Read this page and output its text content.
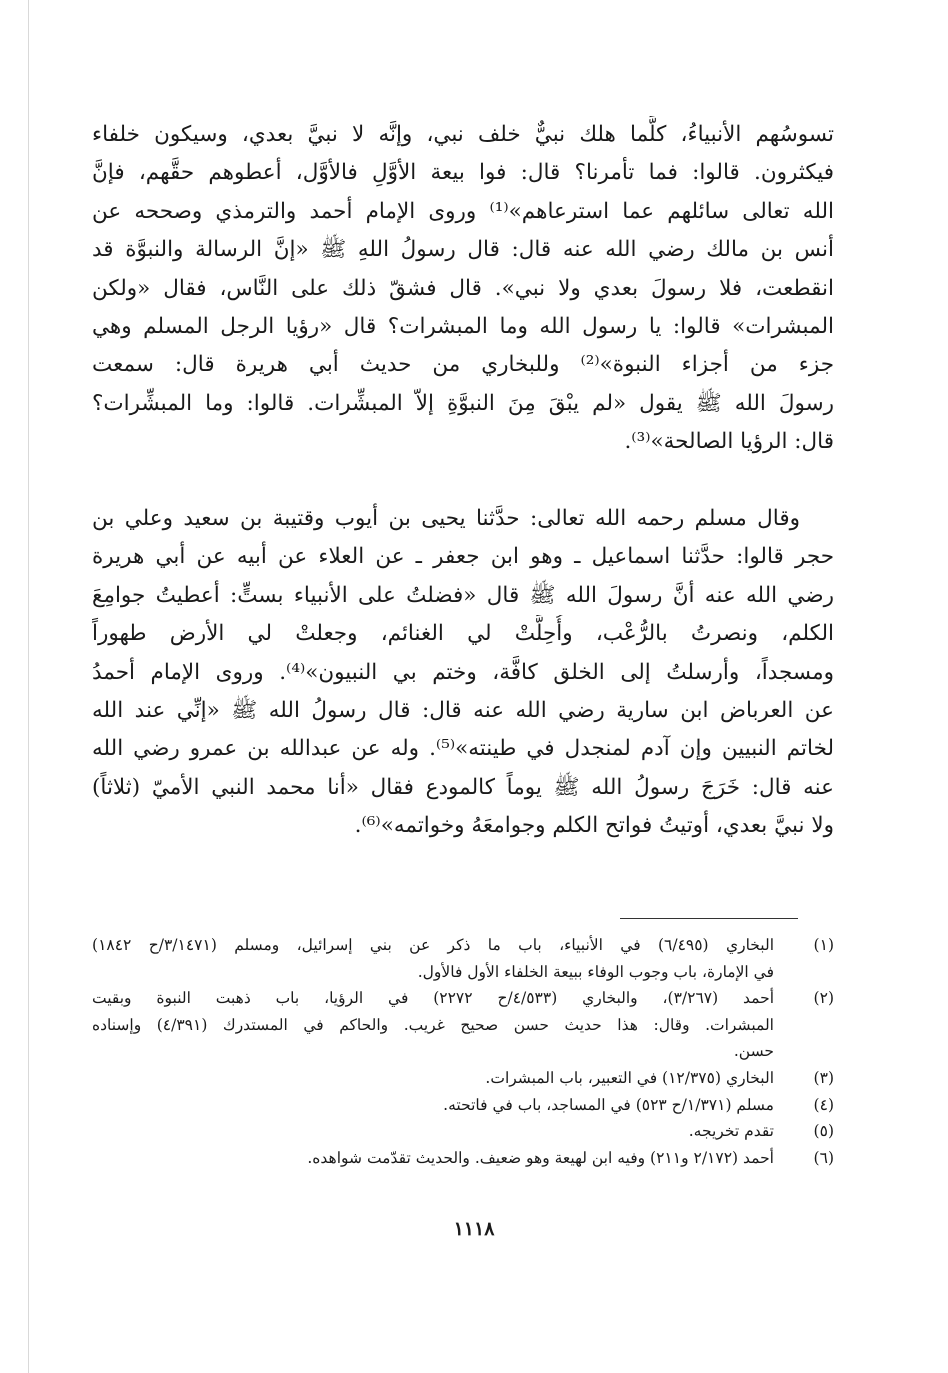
تسوسُهم الأنبياءُ، كلَّما هلك نبيٌّ خلف نبي، وإنَّه لا نبيَّ بعدي، وسيكون خلفاء
فيكثرون. قالوا: فما تأمرنا؟ قال: فوا بيعة الأوَّلِ فالأوَّل، أعطوهم حقَّهم، فإنَّ
الله تعالى سائلهم عما استرعاهم»⁽¹⁾ وروى الإمام أحمد والترمذي وصححه عن
أنس بن مالك رضي الله عنه قال: قال رسولُ اللهِ ﷺ «إنَّ الرسالة والنبوَّة قد
انقطعت، فلا رسولَ بعدي ولا نبي». قال فشقّ ذلك على النَّاس، فقال «ولكن
المبشرات» قالوا: يا رسول الله وما المبشرات؟ قال «رؤيا الرجل المسلم وهي
جزء من أجزاء النبوة»⁽²⁾ وللبخاري من حديث أبي هريرة قال: سمعت
رسولَ الله ﷺ يقول «لم يبْقَ مِنَ النبوَّةِ إلاّ المبشِّرات. قالوا: وما المبشِّرات؟
قال: الرؤيا الصالحة»⁽³⁾.
وقال مسلم رحمه الله تعالى: حدَّثنا يحيى بن أيوب وقتيبة بن سعيد وعلي بن
حجر قالوا: حدَّثنا اسماعيل ـ وهو ابن جعفر ـ عن العلاء عن أبيه عن أبي هريرة
رضي الله عنه أنَّ رسولَ الله ﷺ قال «فضلتُ على الأنبياء بستٍّ: أعطيتُ جوامِعَ
الكلم، ونصرتُ بالرُّعْب، وأُحِلَّتْ لي الغنائم، وجعلتْ لي الأرض طهوراً
ومسجداً، وأرسلتُ إلى الخلق كافَّة، وختم بي النبيون»⁽⁴⁾. وروى الإمام أحمدُ
عن العرباض ابن سارية رضي الله عنه قال: قال رسولُ الله ﷺ «إنِّي عند الله
لخاتم النبيين وإن آدم لمنجدل في طينته»⁽⁵⁾. وله عن عبدالله بن عمرو رضي الله
عنه قال: خَرَجَ رسولُ الله ﷺ يوماً كالمودع فقال «أنا محمد النبي الأميّ (ثلاثاً)
ولا نبيَّ بعدي، أوتيتُ فواتح الكلم وجوامعَهُ وخواتمه»⁽⁶⁾.
(١)
البخاري (٦/٤٩٥) في الأنبياء، باب ما ذكر عن بني إسرائيل، ومسلم (٣/١٤٧١/ح ١٨٤٢)
في الإمارة، باب وجوب الوفاء ببيعة الخلفاء الأول فالأول.
(٢)
أحمد (٣/٢٦٧)، والبخاري (٤/٥٣٣/ح ٢٢٧٢) في الرؤيا، باب ذهبت النبوة وبقيت
المبشرات. وقال: هذا حديث حسن صحيح غريب. والحاكم في المستدرك (٤/٣٩١) وإسناده
حسن.
(٣)
البخاري (١٢/٣٧٥) في التعبير، باب المبشرات.
(٤)
مسلم (١/٣٧١/ح ٥٢٣) في المساجد، باب في فاتحته.
(٥)
تقدم تخريجه.
(٦)
أحمد (٢/١٧٢ و٢١١) وفيه ابن لهيعة وهو ضعيف. والحديث تقدّمت شواهده.
١١١٨
